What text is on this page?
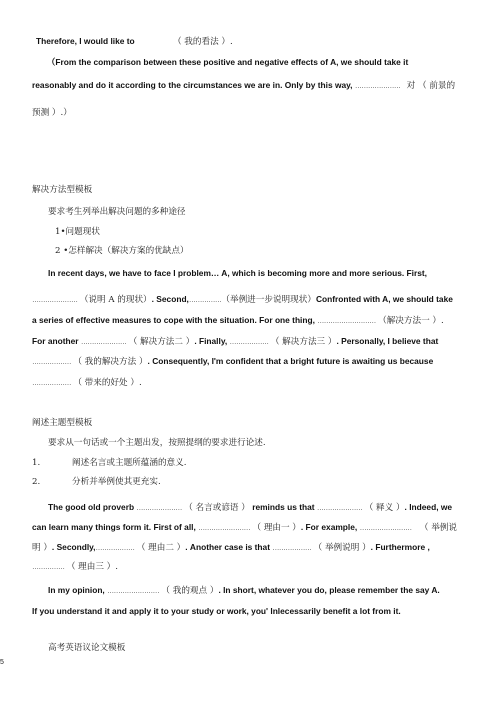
Therefore, I would like to	（ 我的看法 ）.
（From the comparison between these positive and negative effects of A, we should take it
reasonably and do it according to the circumstances we are in. Only by this way, ………………… 对 （ 前景的
预测 ）.）
解决方法型模板
要求考生列举出解决问题的多种途径
1•问题现状
2 •怎样解决（解决方案的优缺点）
In recent days, we have to face I problem… A, which is becoming more and more serious. First,
………………… （说明 A 的现状）. Second,……………（举例进一步说明现状）Confronted with A, we should take
a series of effective measures to cope with the situation. For one thing, ……………………… （解决方法一 ）.
For another ………………… （ 解决方法二 ）. Finally, ……………… （ 解决方法三 ）. Personally, I believe that
……………… （ 我的解决方法 ）. Consequently, I'm confident that a bright future is awaiting us because
……………… （ 带来的好处 ）.
阐述主题型模板
要求从一句话或一个主题出发，按照提纲的要求进行论述.
1.	阐述名言或主题所蕴涵的意义.
2.	分析并举例使其更充实.
The good old proverb ………………… （ 名言或谚语 ） reminds us that ………………… （ 释义 ）. Indeed, we
can learn many things form it. First of all, …………………… （ 理由一 ）. For example, …………………… （ 举例说
明 ）. Secondly,……………… （ 理由二 ）. Another case is that ……………… （ 举例说明 ）. Furthermore ,
…………… （ 理由三 ）.
In my opinion, …………………… （ 我的观点 ）. In short, whatever you do, please remember the say A.
If you understand it and apply it to your study or work, you' lnlecessarily benefit a lot from it.
高考英语议论文模板
5
